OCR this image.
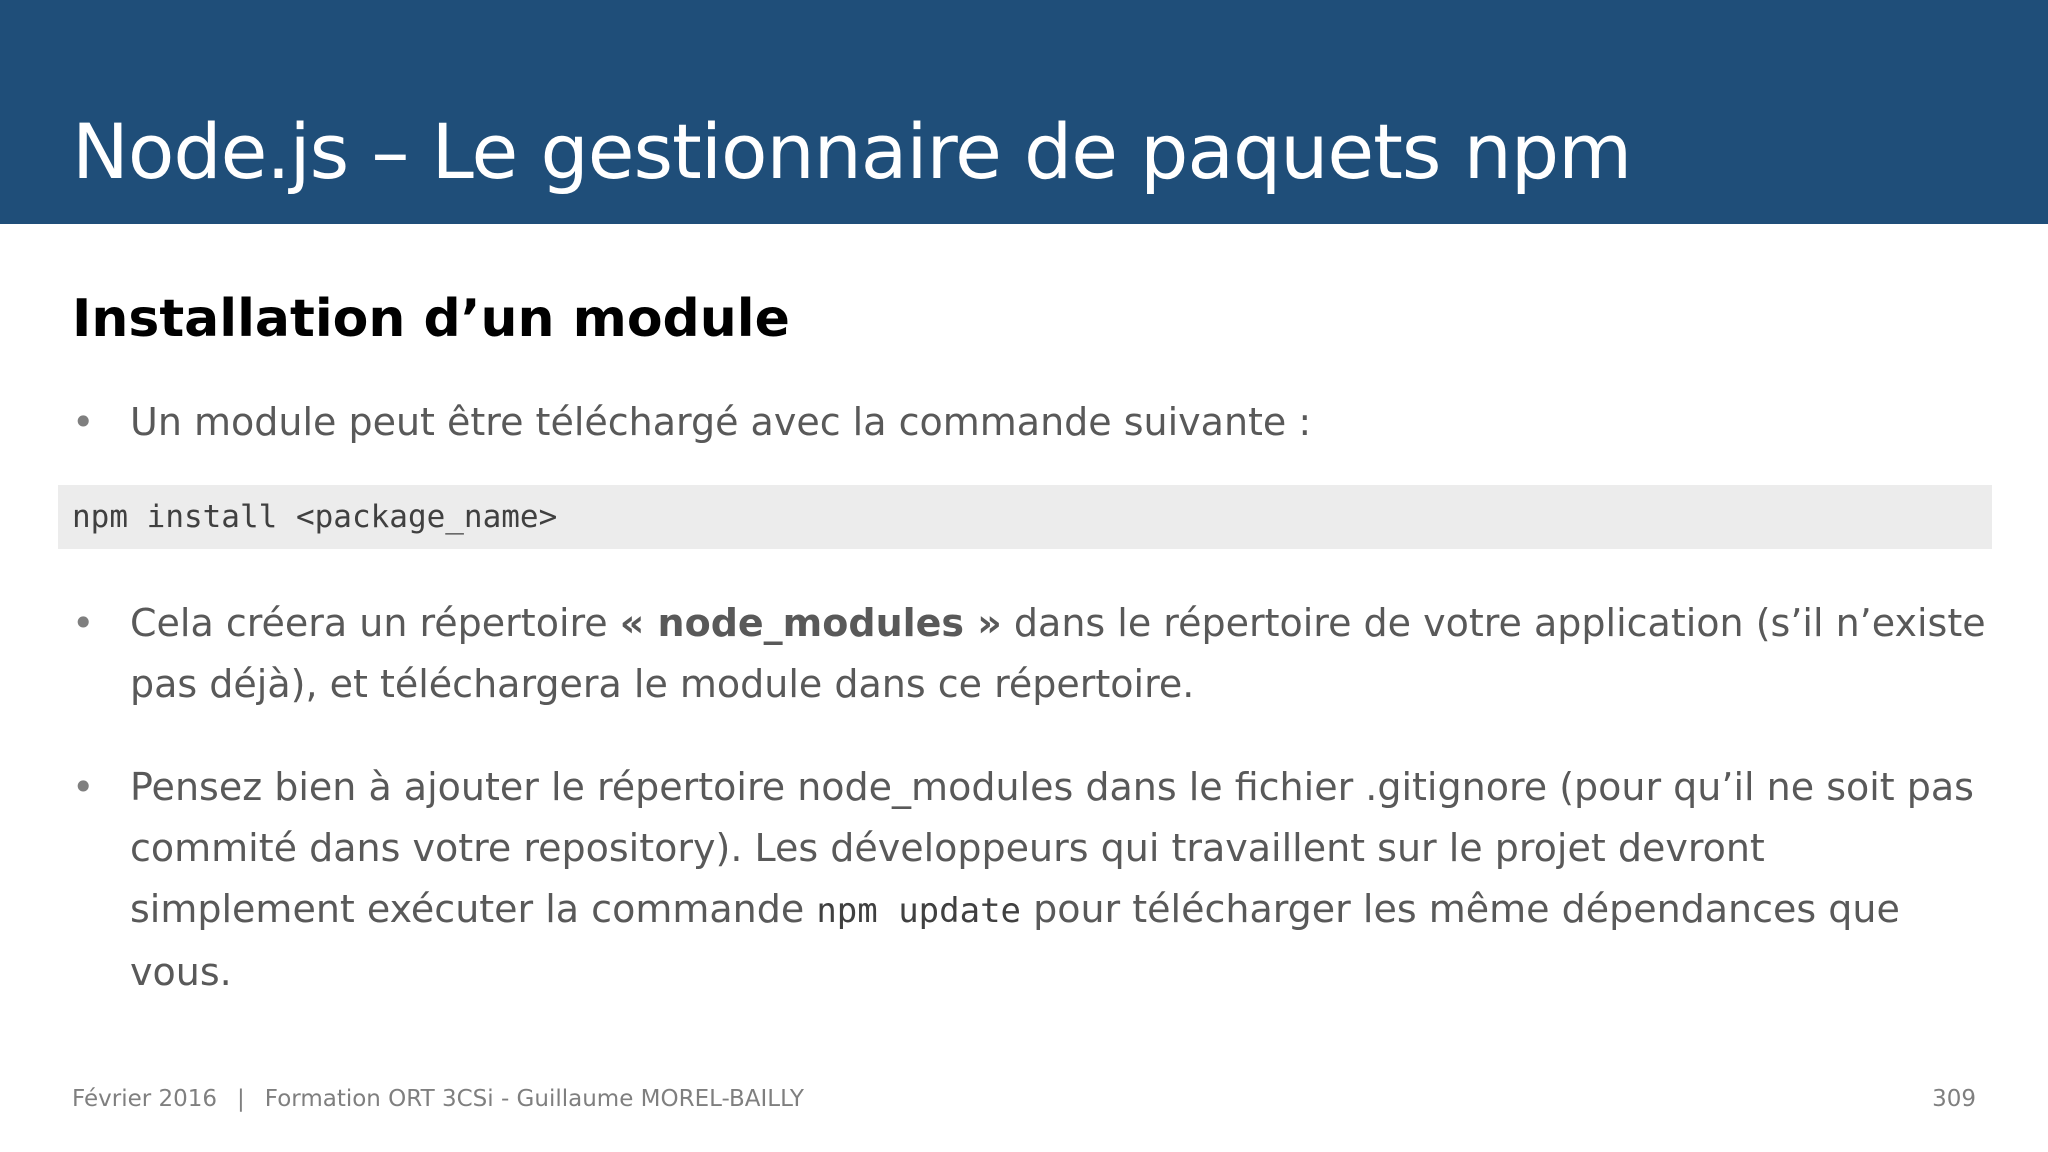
Node.js – Le gestionnaire de paquets npm
Installation d’un module
• Un module peut être téléchargé avec la commande suivante :
npm install <package_name>
• Cela créera un répertoire « node_modules » dans le répertoire de votre application (s’il n’existe pas déjà), et téléchargera le module dans ce répertoire.
• Pensez bien à ajouter le répertoire node_modules dans le fichier .gitignore (pour qu’il ne soit pas commité dans votre repository). Les développeurs qui travaillent sur le projet devront simplement exécuter la commande npm update pour télécharger les même dépendances que vous.
Février 2016 | Formation ORT 3CSi - Guillaume MOREL-BAILLY	309
